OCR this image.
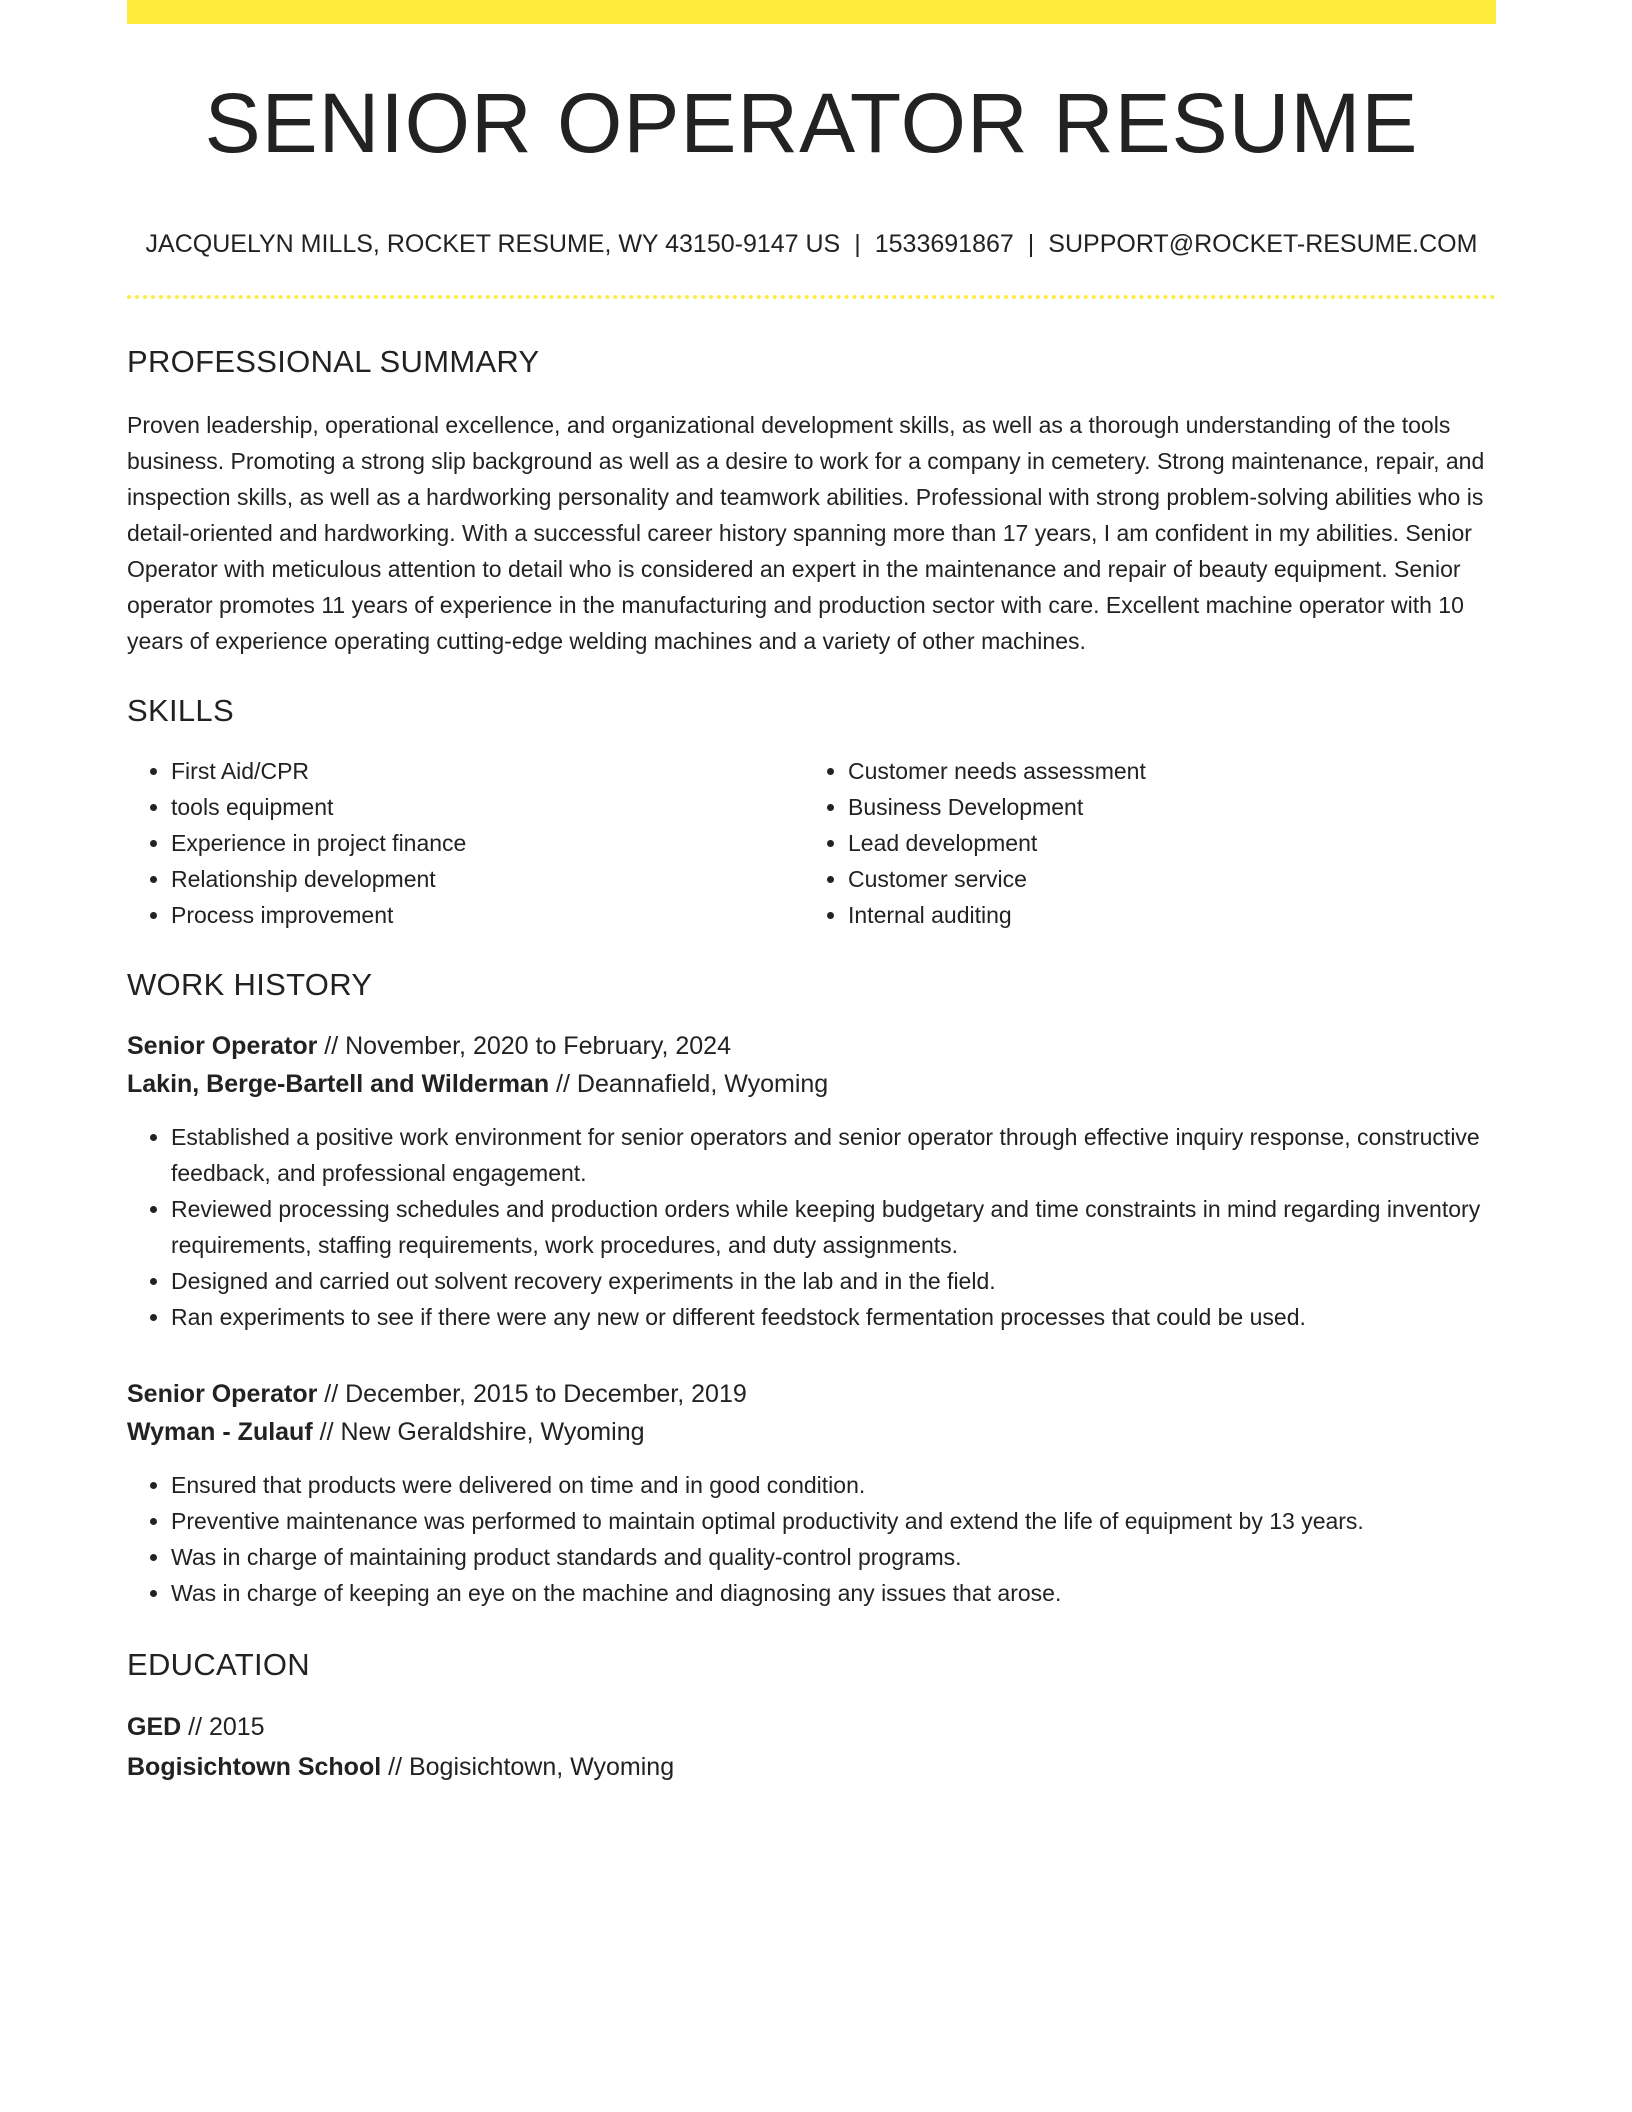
SENIOR OPERATOR RESUME
JACQUELYN MILLS, ROCKET RESUME, WY 43150-9147 US | 1533691867 | SUPPORT@ROCKET-RESUME.COM
PROFESSIONAL SUMMARY

Proven leadership, operational excellence, and organizational development skills, as well as a thorough understanding of the tools business. Promoting a strong slip background as well as a desire to work for a company in cemetery. Strong maintenance, repair, and inspection skills, as well as a hardworking personality and teamwork abilities. Professional with strong problem-solving abilities who is detail-oriented and hardworking. With a successful career history spanning more than 17 years, I am confident in my abilities. Senior Operator with meticulous attention to detail who is considered an expert in the maintenance and repair of beauty equipment. Senior operator promotes 11 years of experience in the manufacturing and production sector with care. Excellent machine operator with 10 years of experience operating cutting-edge welding machines and a variety of other machines.

SKILLS
• First Aid/CPR
• tools equipment
• Experience in project finance
• Relationship development
• Process improvement
• Customer needs assessment
• Business Development
• Lead development
• Customer service
• Internal auditing
WORK HISTORY
Senior Operator // November, 2020 to February, 2024
Lakin, Berge-Bartell and Wilderman // Deannafield, Wyoming
• Established a positive work environment for senior operators and senior operator through effective inquiry response, constructive feedback, and professional engagement.
• Reviewed processing schedules and production orders while keeping budgetary and time constraints in mind regarding inventory requirements, staffing requirements, work procedures, and duty assignments.
• Designed and carried out solvent recovery experiments in the lab and in the field.
• Ran experiments to see if there were any new or different feedstock fermentation processes that could be used.
Senior Operator // December, 2015 to December, 2019
Wyman - Zulauf // New Geraldshire, Wyoming
• Ensured that products were delivered on time and in good condition.
• Preventive maintenance was performed to maintain optimal productivity and extend the life of equipment by 13 years.
• Was in charge of maintaining product standards and quality-control programs.
• Was in charge of keeping an eye on the machine and diagnosing any issues that arose.
EDUCATION
GED // 2015
Bogisichtown School // Bogisichtown, Wyoming
